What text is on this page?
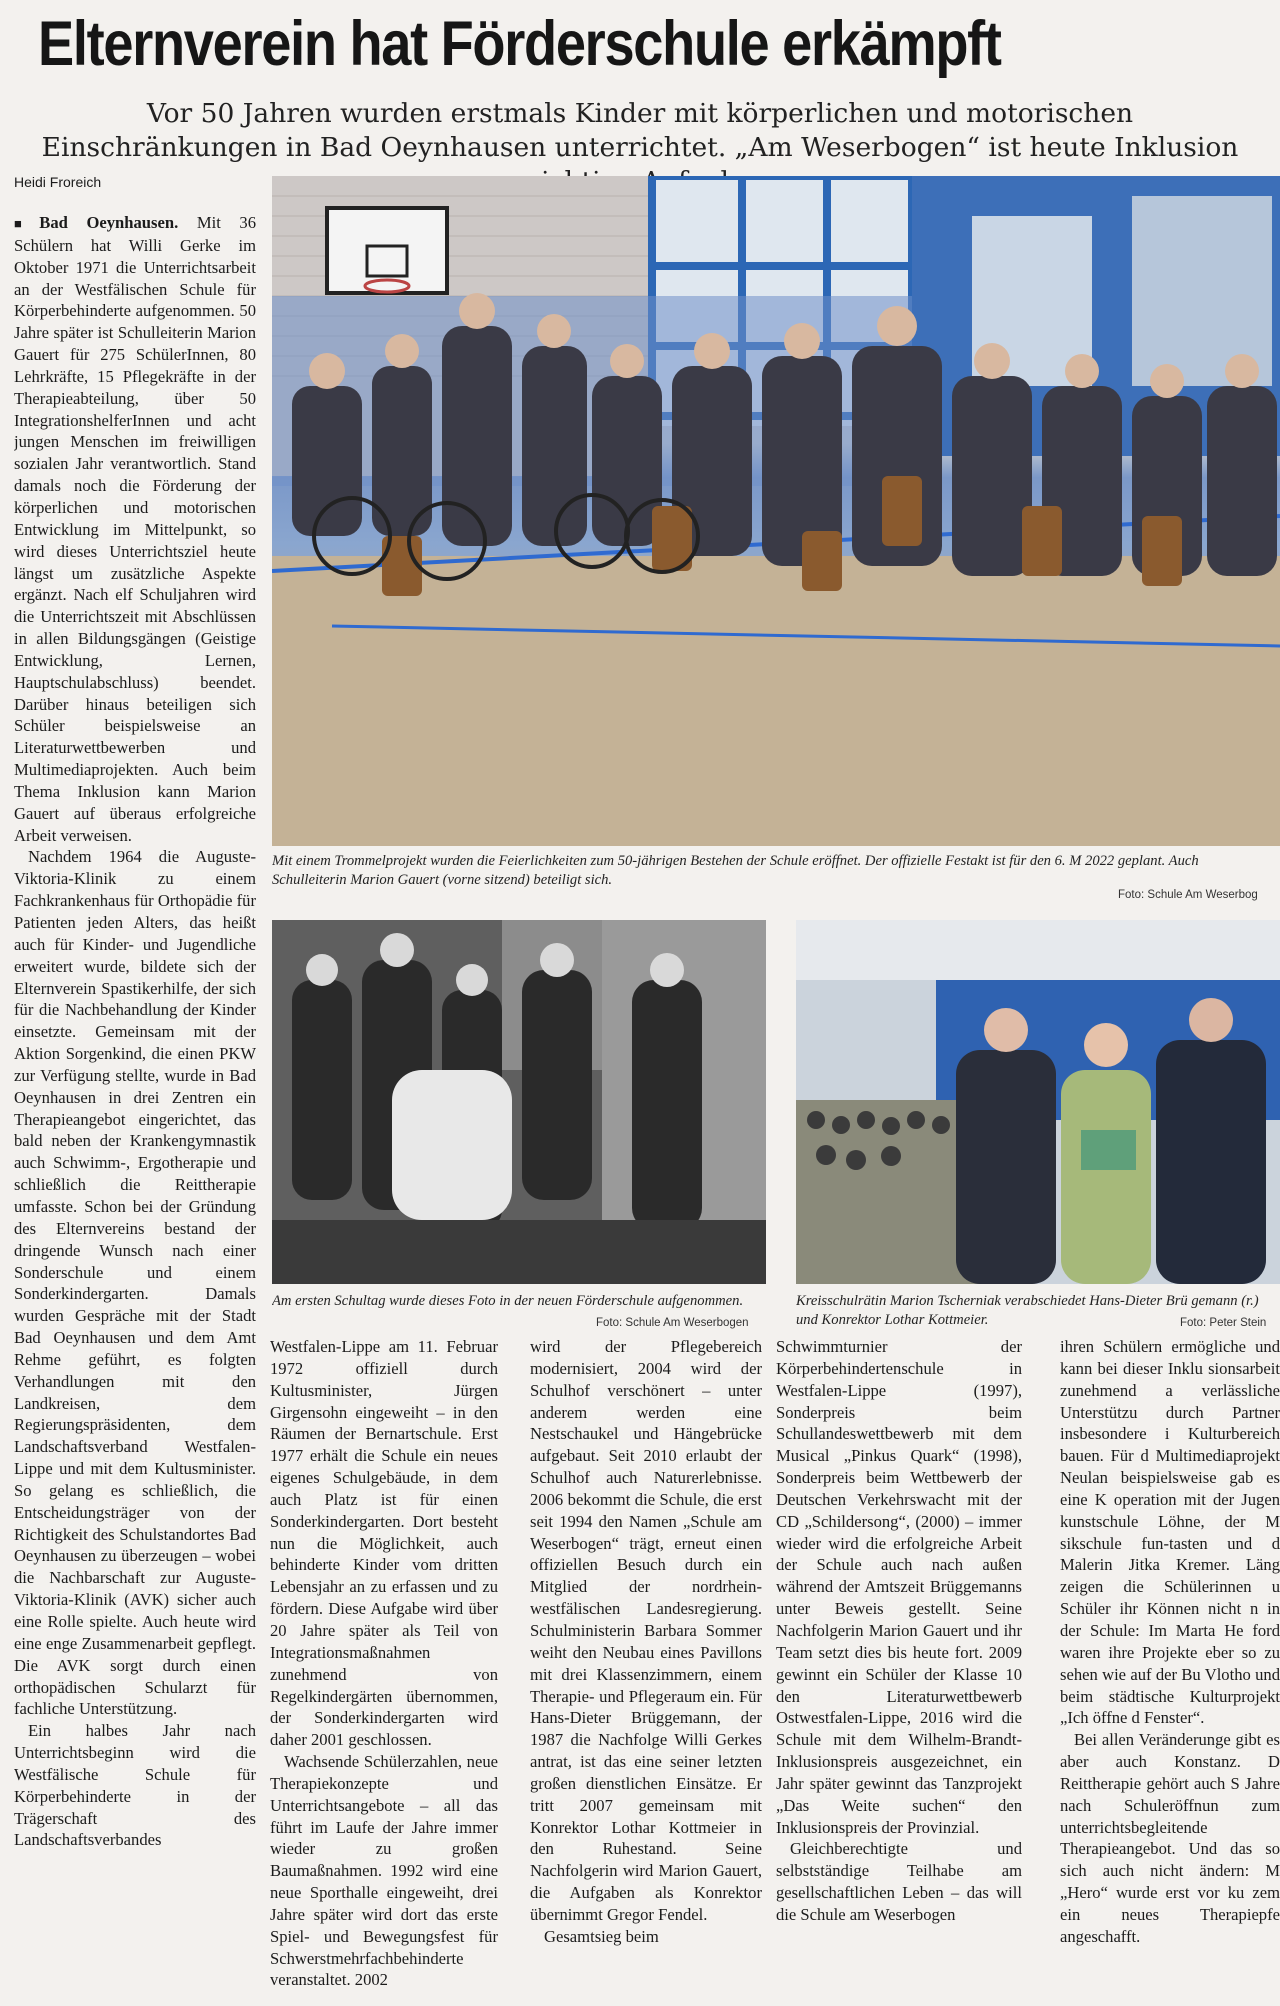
Elternverein hat Förderschule erkämpft
Vor 50 Jahren wurden erstmals Kinder mit körperlichen und motorischen Einschränkungen in Bad Oeynhausen unterrichtet. „Am Weserbogen“ ist heute Inklusion
Heidi Froreich

■ Bad Oeynhausen. Mit 36 Schülern hat Willi Gerke im Oktober 1971 die Unterrichtsarbeit an der Westfälischen Schule für Körperbehinderte aufgenommen. 50 Jahre später ist Schulleiterin Marion Gauert für 275 SchülerInnen, 80 Lehrkräfte, 15 Pflegekräfte in der Therapieabteilung, über 50 IntegrationshelferInnen und acht jungen Menschen im freiwilligen sozialen Jahr verantwortlich. Stand damals noch die Förderung der körperlichen und motorischen Entwicklung im Mittelpunkt, so wird dieses Unterrichtsziel heute längst um zusätzliche Aspekte ergänzt. Nach elf Schuljahren wird die Unterrichtszeit mit Abschlüssen in allen Bildungsgängen (Geistige Entwicklung, Lernen, Hauptschulabschluss) beendet. Darüber hinaus beteiligen sich Schüler beispielsweise an Literaturwettbewerben und Multimediaprojekten. Auch beim Thema Inklusion kann Marion Gauert auf überaus erfolgreiche Arbeit verweisen.

Nachdem 1964 die Auguste-Viktoria-Klinik zu einem Fachkrankenhaus für Orthopädie für Patienten jeden Alters, das heißt auch für Kinder- und Jugendliche erweitert wurde, bildete sich der Elternverein Spastikerhilfe, der sich für die Nachbehandlung der Kinder einsetzte. Gemeinsam mit der Aktion Sorgenkind, die einen PKW zur Verfügung stellte, wurde in Bad Oeynhausen in drei Zentren ein Therapieangebot eingerichtet, das bald neben der Krankengymnastik auch Schwimm-, Ergotherapie und schließlich die Reittherapie umfasste. Schon bei der Gründung des Elternvereins bestand der dringende Wunsch nach einer Sonderschule und einem Sonderkindergarten. Damals wurden Gespräche mit der Stadt Bad Oeynhausen und dem Amt Rehme geführt, es folgten Verhandlungen mit den Landkreisen, dem Regierungspräsidenten, dem Landschaftsverband Westfalen-Lippe und mit dem Kultusminister. So gelang es schließlich, die Entscheidungsträger von der Richtigkeit des Schulstandortes Bad Oeynhausen zu überzeugen – wobei die Nachbarschaft zur Auguste-Viktoria-Klinik (AVK) sicher auch eine Rolle spielte. Auch heute wird eine enge Zusammenarbeit gepflegt. Die AVK sorgt durch einen orthopädischen Schularzt für fachliche Unterstützung.

Ein halbes Jahr nach Unterrichtsbeginn wird die Westfälische Schule für Körperbehinderte in der Trägerschaft des Landschaftsverbandes

Mit einem Trommelprojekt wurden die Feierlichkeiten zum 50-jährigen Bestehen der Schule eröffnet. Der offizielle Festakt ist für den 6. M 2022 geplant. Auch Schulleiterin Marion Gauert (vorne sitzend) beteiligt sich.
Foto: Schule Am Weserbog
Am ersten Schultag wurde dieses Foto in der neuen Förderschule aufgenommen.
Foto: Schule Am Weserbogen
Kreisschulrätin Marion Tscherniak verabschiedet Hans-Dieter Brü gemann (r.) und Konrektor Lothar Kottmeier.	Foto: Peter Stein

Westfalen-Lippe am 11. Februar 1972 offiziell durch Kultusminister, Jürgen Girgensohn eingeweiht – in den Räumen der Bernartschule. Erst 1977 erhält die Schule ein neues eigenes Schulgebäude, in dem auch Platz ist für einen Sonderkindergarten. Dort besteht nun die Möglichkeit, auch behinderte Kinder vom dritten Lebensjahr an zu erfassen und zu fördern. Diese Aufgabe wird über 20 Jahre später als Teil von Integrationsmaßnahmen zunehmend von Regelkindergärten übernommen, der Sonderkindergarten wird daher 2001 geschlossen.

Wachsende Schülerzahlen, neue Therapiekonzepte und Unterrichtsangebote – all das führt im Laufe der Jahre immer wieder zu großen Baumaßnahmen. 1992 wird eine neue Sporthalle eingeweiht, drei Jahre später wird dort das erste Spiel- und Bewegungsfest für Schwerstmehrfachbehinderte veranstaltet. 2002

wird der Pflegebereich modernisiert, 2004 wird der Schulhof verschönert – unter anderem werden eine Nestschaukel und Hängebrücke aufgebaut. Seit 2010 erlaubt der Schulhof auch Naturerlebnisse. 2006 bekommt die Schule, die erst seit 1994 den Namen „Schule am Weserbogen“ trägt, erneut einen offiziellen Besuch durch ein Mitglied der nordrhein-westfälischen Landesregierung. Schulministerin Barbara Sommer weiht den Neubau eines Pavillons mit drei Klassenzimmern, einem Therapie- und Pflegeraum ein. Für Hans-Dieter Brüggemann, der 1987 die Nachfolge Willi Gerkes antrat, ist das eine seiner letzten großen dienstlichen Einsätze. Er tritt 2007 gemeinsam mit Konrektor Lothar Kottmeier in den Ruhestand. Seine Nachfolgerin wird Marion Gauert, die Aufgaben als Konrektor übernimmt Gregor Fendel.

Gesamtsieg beim

Schwimmturnier der Körperbehindertenschule in Westfalen-Lippe (1997), Sonderpreis beim Schullandeswettbewerb mit dem Musical „Pinkus Quark“ (1998), Sonderpreis beim Wettbewerb der Deutschen Verkehrswacht mit der CD „Schildersong“, (2000) – immer wieder wird die erfolgreiche Arbeit der Schule auch nach außen während der Amtszeit Brüggemanns unter Beweis gestellt. Seine Nachfolgerin Marion Gauert und ihr Team setzt dies bis heute fort. 2009 gewinnt ein Schüler der Klasse 10 den Literaturwettbewerb Ostwestfalen-Lippe, 2016 wird die Schule mit dem Wilhelm-Brandt-Inklusionspreis ausgezeichnet, ein Jahr später gewinnt das Tanzprojekt „Das Weite suchen“ den Inklusionspreis der Provinzial.

Gleichberechtigte und selbstständige Teilhabe am gesellschaftlichen Leben – das will die Schule am Weserbogen

ihren Schülern ermögliche und kann bei dieser Inklu sionsarbeit zunehmend a verlässliche Unterstützu durch Partner insbesondere i Kulturbereich bauen. Für d Multimediaprojekt Neulan beispielsweise gab es eine K operation mit der Jugen kunstschule Löhne, der M sikschule fun-tasten und d Malerin Jitka Kremer. Läng zeigen die Schülerinnen u Schüler ihr Können nicht n in der Schule: Im Marta He ford waren ihre Projekte eber so zu sehen wie auf der Bu Vlotho und beim städtische Kulturprojekt „Ich öffne d Fenster“.

Bei allen Veränderunge gibt es aber auch Konstanz. D Reittherapie gehört auch S Jahre nach Schuleröffnun zum unterrichtsbegleitende Therapieangebot. Und das so sich auch nicht ändern: M „Hero“ wurde erst vor ku zem ein neues Therapiepfe angeschafft.
